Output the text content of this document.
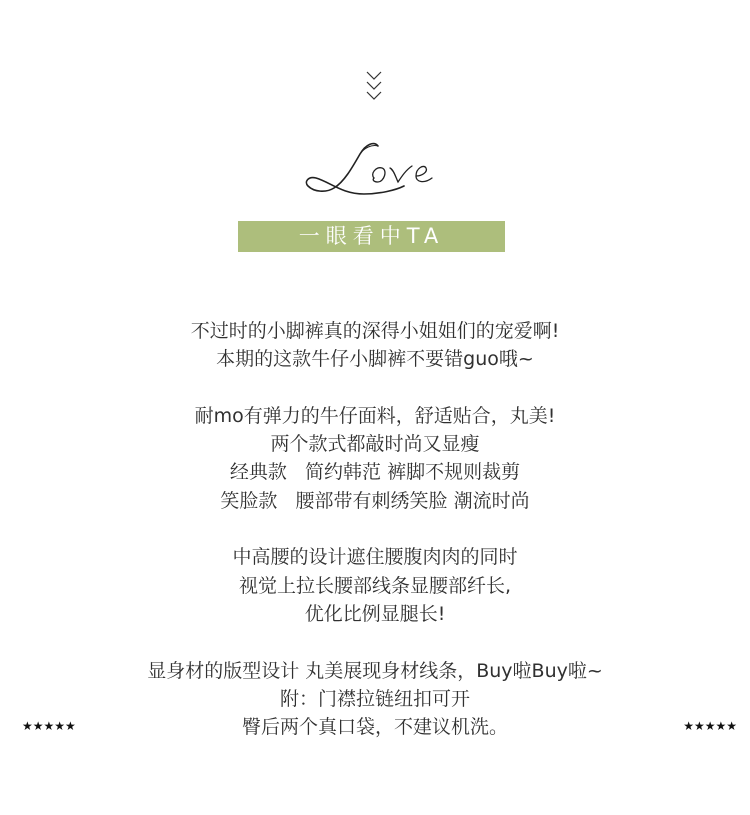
一眼看中TA
不过时的小脚裤真的深得小姐姐们的宠爱啊!
本期的这款牛仔小脚裤不要错guo哦~
耐mo有弹力的牛仔面料，舒适贴合，丸美!
两个款式都敲时尚又显瘦
经典款   简约韩范 裤脚不规则裁剪
笑脸款   腰部带有刺绣笑脸 潮流时尚
中高腰的设计遮住腰腹肉肉的同时
视觉上拉长腰部线条显腰部纤长,
优化比例显腿长!
显身材的版型设计 丸美展现身材线条，Buy啦Buy啦~
附：门襟拉链纽扣可开
臀后两个真口袋，不建议机洗。
★★★★★	★★★★★
